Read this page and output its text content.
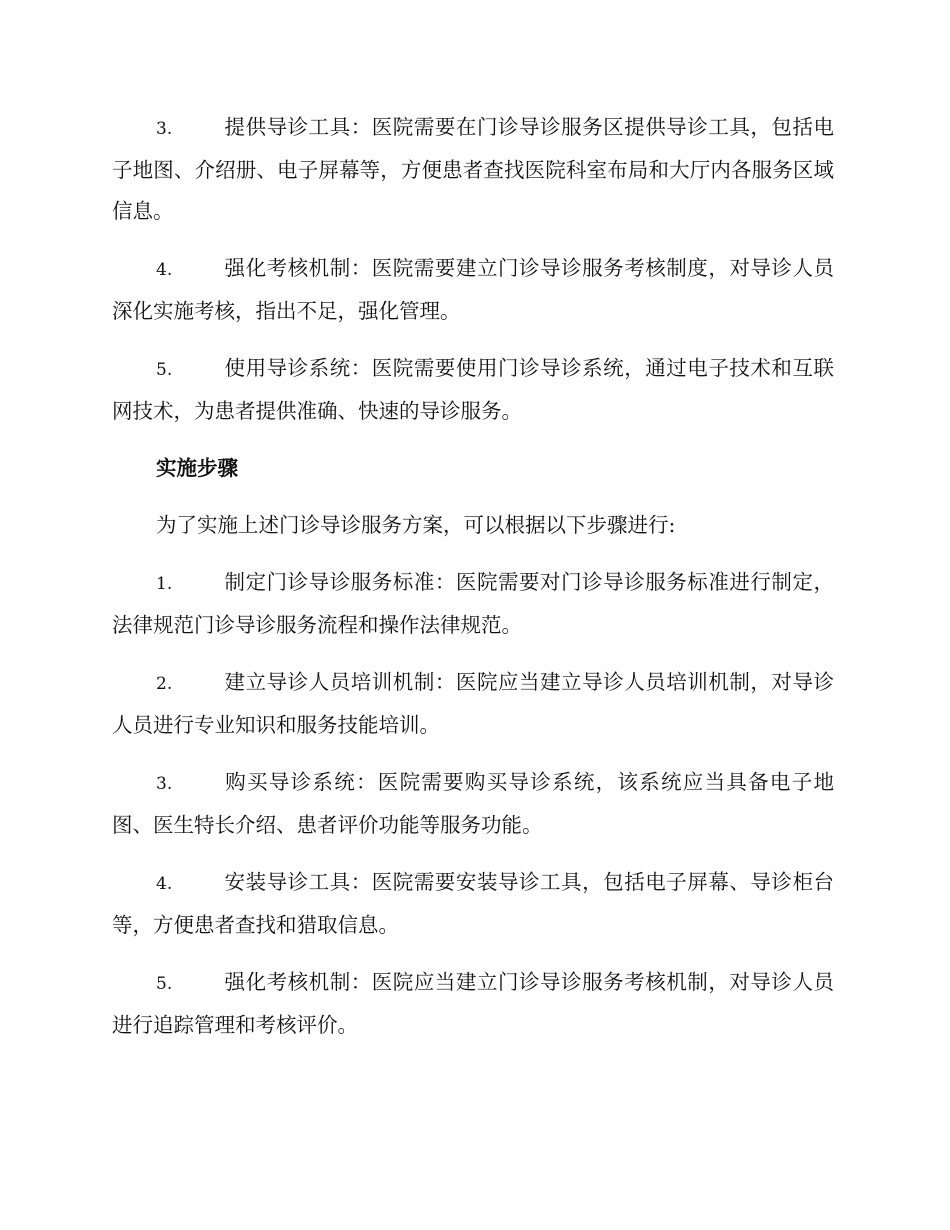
3.	提供导诊工具：医院需要在门诊导诊服务区提供导诊工具，包括电子地图、介绍册、电子屏幕等，方便患者查找医院科室布局和大厅内各服务区域信息。

4.	强化考核机制：医院需要建立门诊导诊服务考核制度，对导诊人员深化实施考核，指出不足，强化管理。

5.	使用导诊系统：医院需要使用门诊导诊系统，通过电子技术和互联网技术，为患者提供准确、快速的导诊服务。

实施步骤

为了实施上述门诊导诊服务方案，可以根据以下步骤进行:

1.	制定门诊导诊服务标准：医院需要对门诊导诊服务标准进行制定，法律规范门诊导诊服务流程和操作法律规范。

2.	建立导诊人员培训机制：医院应当建立导诊人员培训机制，对导诊人员进行专业知识和服务技能培训。

3.	购买导诊系统：医院需要购买导诊系统，该系统应当具备电子地图、医生特长介绍、患者评价功能等服务功能。

4.	安装导诊工具：医院需要安装导诊工具，包括电子屏幕、导诊柜台等，方便患者查找和猎取信息。

5.	强化考核机制：医院应当建立门诊导诊服务考核机制，对导诊人员进行追踪管理和考核评价。
